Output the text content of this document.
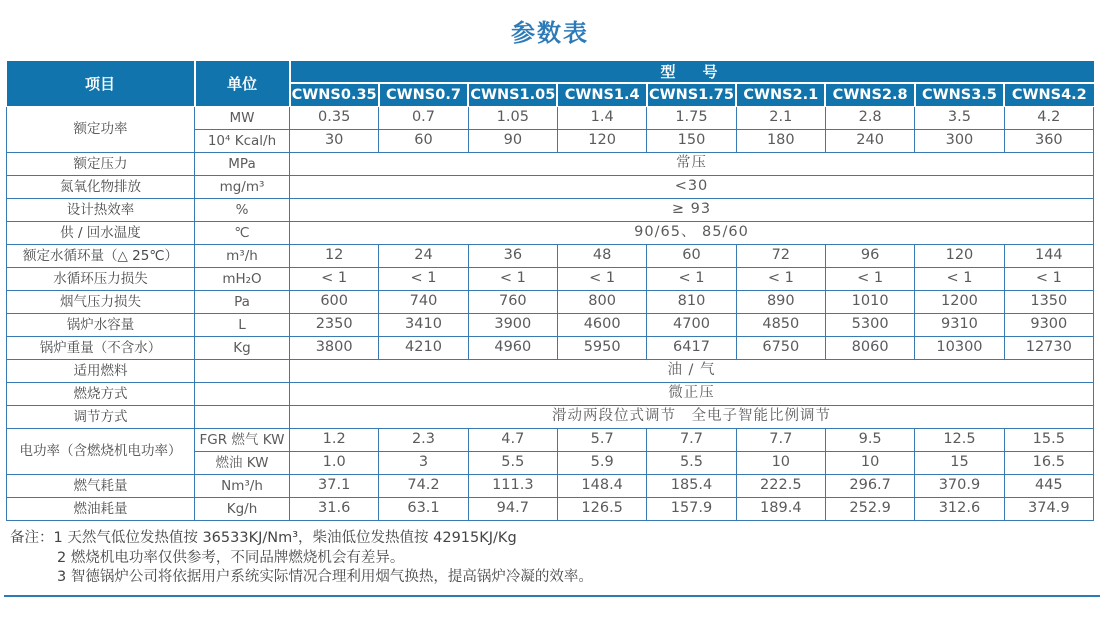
参数表
项目	单位	型　号								
		CWNS0.35	CWNS0.7	CWNS1.05	CWNS1.4	CWNS1.75	CWNS2.1	CWNS2.8	CWNS3.5	CWNS4.2
额定功率	MW	0.35	0.7	1.05	1.4	1.75	2.1	2.8	3.5	4.2
	10⁴ Kcal/h	30	60	90	120	150	180	240	300	360
额定压力	MPa	常压								
氮氧化物排放	mg/m³	<30								
设计热效率	%	≥ 93								
供 / 回水温度	℃	90/65、 85/60								
额定水循环量（△ 25℃）	m³/h	12	24	36	48	60	72	96	120	144
水循环压力损失	mH₂O	< 1	< 1	< 1	< 1	< 1	< 1	< 1	< 1	< 1
烟气压力损失	Pa	600	740	760	800	810	890	1010	1200	1350
锅炉水容量	L	2350	3410	3900	4600	4700	4850	5300	9310	9300
锅炉重量（不含水）	Kg	3800	4210	4960	5950	6417	6750	8060	10300	12730
适用燃料		油 / 气								
燃烧方式		微正压								
调节方式		滑动两段位式调节　全电子智能比例调节								
电功率（含燃烧机电功率）	FGR 燃气 KW	1.2	2.3	4.7	5.7	7.7	7.7	9.5	12.5	15.5
	燃油 KW	1.0	3	5.5	5.9	5.5	10	10	15	16.5
燃气耗量	Nm³/h	37.1	74.2	111.3	148.4	185.4	222.5	296.7	370.9	445
燃油耗量	Kg/h	31.6	63.1	94.7	126.5	157.9	189.4	252.9	312.6	374.9
备注：1 天然气低位发热值按 36533KJ/Nm³，柴油低位发热值按 42915KJ/Kg
2 燃烧机电功率仅供参考，不同品牌燃烧机会有差异。
3 智德锅炉公司将依据用户系统实际情况合理利用烟气换热，提高锅炉冷凝的效率。
